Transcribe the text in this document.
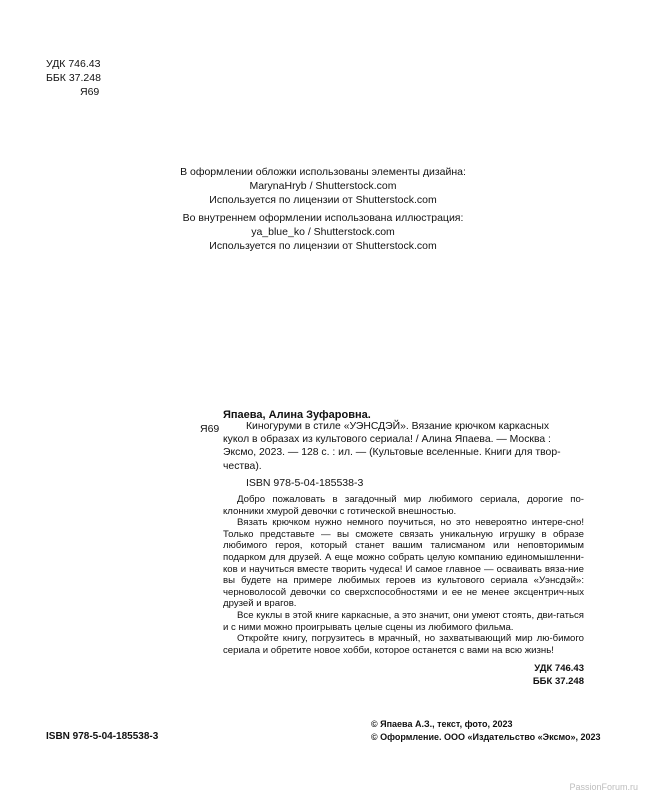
УДК 746.43
ББК 37.248
Я69
В оформлении обложки использованы элементы дизайна:
MarynaHryb / Shutterstock.com
Используется по лицензии от Shutterstock.com
Во внутреннем оформлении использована иллюстрация:
ya_blue_ko / Shutterstock.com
Используется по лицензии от Shutterstock.com
Япаева, Алина Зуфаровна.
Я69	Киногуруми в стиле «УЭНСДЭЙ». Вязание крючком каркасных
кукол в образах из культового сериала! / Алина Япаева. — Москва :
Эксмо, 2023. — 128 с. : ил. — (Культовые вселенные. Книги для твор-
чества).
ISBN 978-5-04-185538-3

Добро пожаловать в загадочный мир любимого сериала, дорогие по-клонники хмурой девочки с готической внешностью.

Вязать крючком нужно немного поучиться, но это невероятно интере-сно! Только представьте — вы сможете связать уникальную игрушку в образе любимого героя, который станет вашим талисманом или неповторимым подарком для друзей. А еще можно собрать целую компанию единомышленни-ков и научиться вместе творить чудеса! И самое главное — осваивать вяза-ние вы будете на примере любимых героев из культового сериала «Уэнсдэй»: черноволосой девочки со сверхспособностями и ее не менее эксцентрич-ных друзей и врагов.

Все куклы в этой книге каркасные, а это значит, они умеют стоять, дви-гаться и с ними можно проигрывать целые сцены из любимого фильма.

Откройте книгу, погрузитесь в мрачный, но захватывающий мир лю-бимого сериала и обретите новое хобби, которое останется с вами на всю жизнь!

УДК 746.43
ББК 37.248
ISBN 978-5-04-185538-3
© Япаева А.З., текст, фото, 2023
© Оформление. ООО «Издательство «Эксмо», 2023
PassionForum.ru
